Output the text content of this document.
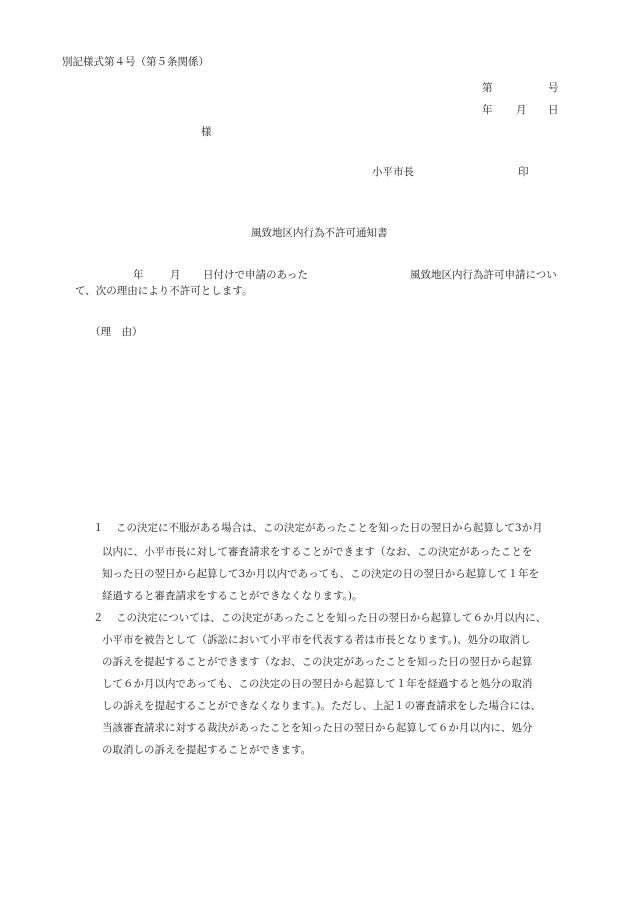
別記様式第４号（第５条関係）
第	号
年 月 日
様
小平市長	印
風致地区内行為不許可通知書
年	月 日付けで申請のあった	風致地区内行為許可申請につい
て、次の理由により不許可とします。
（理　由）
１ この決定に不服がある場合は、この決定があったことを知った日の翌日から起算して3か月
以内に、小平市長に対して審査請求をすることができます（なお、この決定があったことを
知った日の翌日から起算して3か月以内であっても、この決定の日の翌日から起算して１年を
経過すると審査請求をすることができなくなります。)。
２ この決定については、この決定があったことを知った日の翌日から起算して６か月以内に、
小平市を被告として（訴訟において小平市を代表する者は市長となります。)、処分の取消し
の訴えを提起することができます（なお、この決定があったことを知った日の翌日から起算
して６か月以内であっても、この決定の日の翌日から起算して１年を経過すると処分の取消
しの訴えを提起することができなくなります。)。ただし、上記１の審査請求をした場合には、
当該審査請求に対する裁決があったことを知った日の翌日から起算して６か月以内に、処分
の取消しの訴えを提起することができます。
